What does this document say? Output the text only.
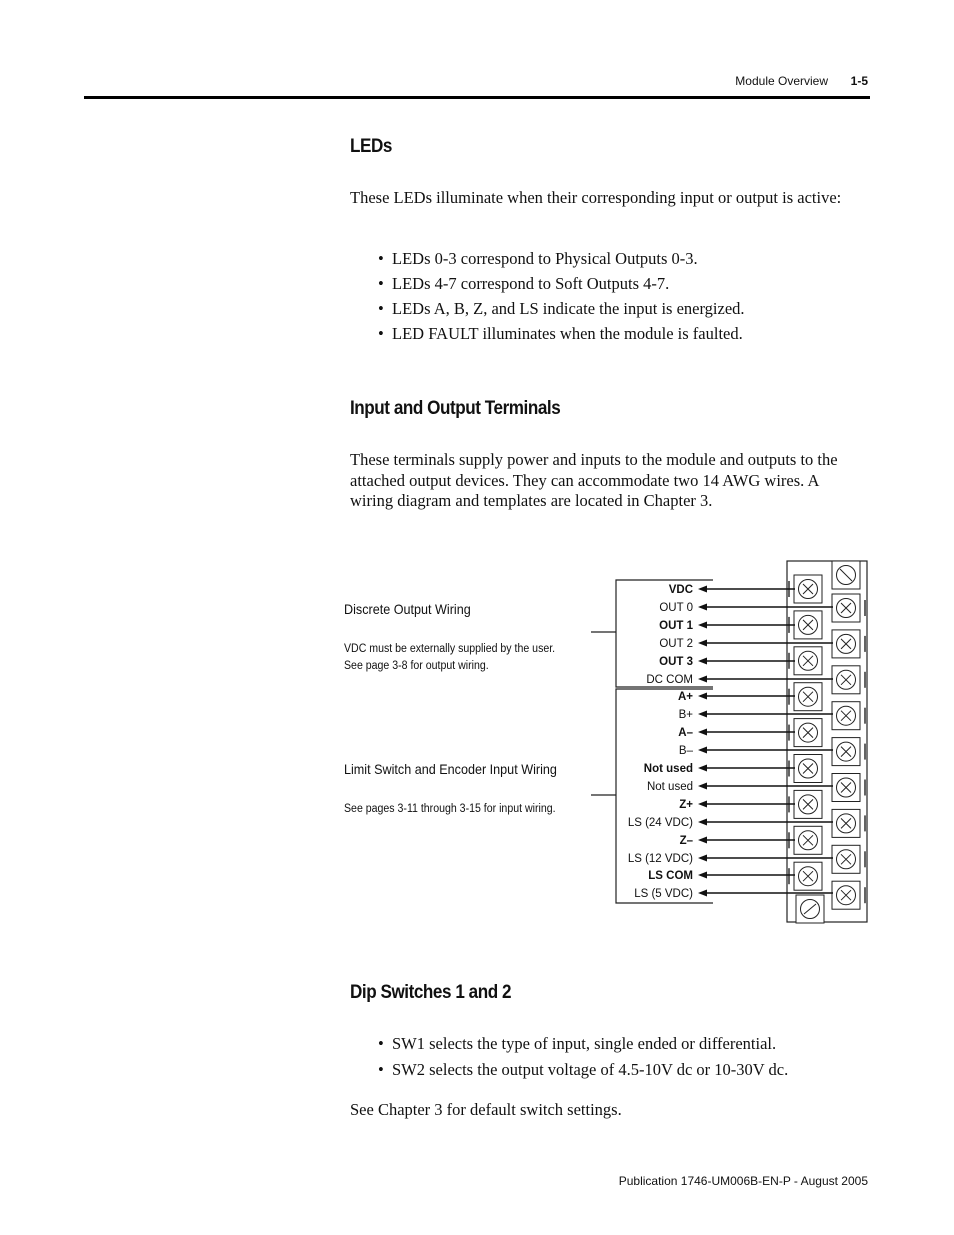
Module Overview 1-5
LEDs

These LEDs illuminate when their corresponding input or output is active:

• LEDs 0-3 correspond to Physical Outputs 0-3.
• LEDs 4-7 correspond to Soft Outputs 4-7.
• LEDs A, B, Z, and LS indicate the input is energized.
• LED FAULT illuminates when the module is faulted.
Input and Output Terminals

These terminals supply power and inputs to the module and outputs to the attached output devices. They can accommodate two 14 AWG wires. A wiring diagram and templates are located in Chapter 3.

Discrete Output Wiring
VDC must be externally supplied by the user.
See page 3-8 for output wiring.
Limit Switch and Encoder Input Wiring
See pages 3-11 through 3-15 for input wiring.
VDC
OUT 0
OUT 1
OUT 2
OUT 3
DC COM
A+
B+
A–
B–
Not used
Not used
Z+
LS (24 VDC)
Z–
LS (12 VDC)
LS COM
LS (5 VDC)
Dip Switches 1 and 2
• SW1 selects the type of input, single ended or differential.
• SW2 selects the output voltage of 4.5-10V dc or 10-30V dc.

See Chapter 3 for default switch settings.

Publication 1746-UM006B-EN-P - August 2005
